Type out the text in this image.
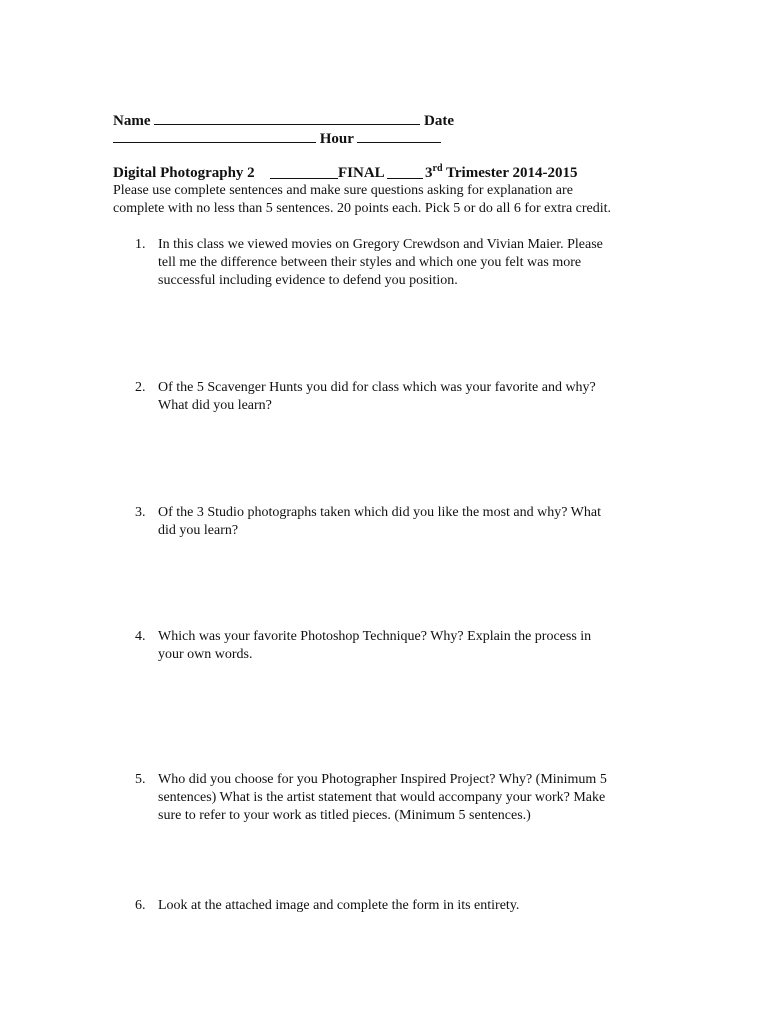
Name	Date
Hour
Digital Photography 2	FINAL	3rd Trimester 2014-2015
Please use complete sentences and make sure questions asking for explanation are
complete with no less than 5 sentences. 20 points each. Pick 5 or do all 6 for extra credit.
1. In this class we viewed movies on Gregory Crewdson and Vivian Maier. Please
tell me the difference between their styles and which one you felt was more
successful including evidence to defend you position.
2. Of the 5 Scavenger Hunts you did for class which was your favorite and why?
What did you learn?
3. Of the 3 Studio photographs taken which did you like the most and why? What
did you learn?
4. Which was your favorite Photoshop Technique? Why? Explain the process in
your own words.
5. Who did you choose for you Photographer Inspired Project? Why? (Minimum 5
sentences) What is the artist statement that would accompany your work? Make
sure to refer to your work as titled pieces. (Minimum 5 sentences.)
6. Look at the attached image and complete the form in its entirety.
